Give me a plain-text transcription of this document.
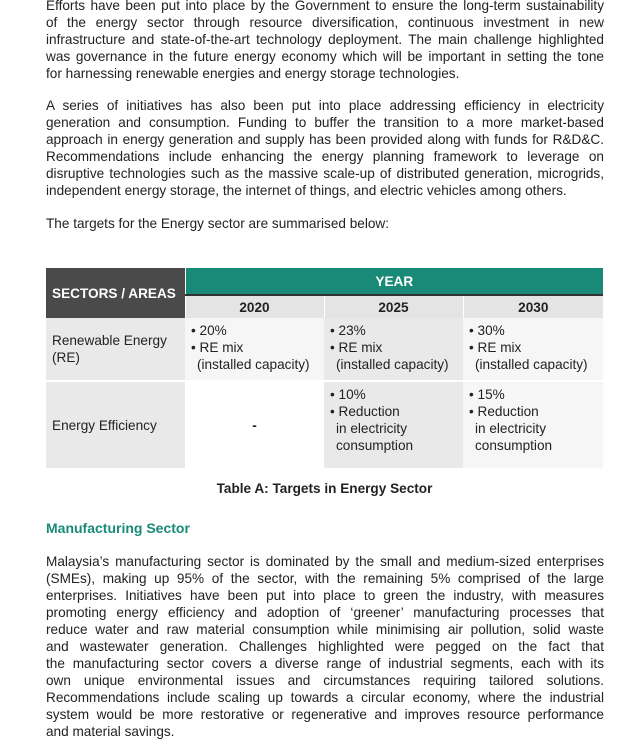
Efforts have been put into place by the Government to ensure the long-term sustainability
of the energy sector through resource diversification, continuous investment in new
infrastructure and state-of-the-art technology deployment. The main challenge highlighted
was governance in the future energy economy which will be important in setting the tone
for harnessing renewable energies and energy storage technologies.
A series of initiatives has also been put into place addressing efficiency in electricity
generation and consumption. Funding to buffer the transition to a more market-based
approach in energy generation and supply has been provided along with funds for R&D&C.
Recommendations include enhancing the energy planning framework to leverage on
disruptive technologies such as the massive scale-up of distributed generation, microgrids,
independent energy storage, the internet of things, and electric vehicles among others.

The targets for the Energy sector are summarised below:

SECTORS / AREAS	YEAR		
	2020	2025	2030
Renewable Energy (RE)	• 20%
• RE mix
(installed capacity)	• 23%
• RE mix
(installed capacity)	• 30%
• RE mix
(installed capacity)

Energy Efficiency	-	• 10%
• Reduction
in electricity
consumption	• 15%
• Reduction
in electricity
consumption

Table A: Targets in Energy Sector

Manufacturing Sector
Malaysia’s manufacturing sector is dominated by the small and medium-sized enterprises
(SMEs), making up 95% of the sector, with the remaining 5% comprised of the large
enterprises. Initiatives have been put into place to green the industry, with measures
promoting energy efficiency and adoption of ‘greener’ manufacturing processes that
reduce water and raw material consumption while minimising air pollution, solid waste
and wastewater generation. Challenges highlighted were pegged on the fact that
the manufacturing sector covers a diverse range of industrial segments, each with its
own unique environmental issues and circumstances requiring tailored solutions.
Recommendations include scaling up towards a circular economy, where the industrial
system would be more restorative or regenerative and improves resource performance
and material savings.
